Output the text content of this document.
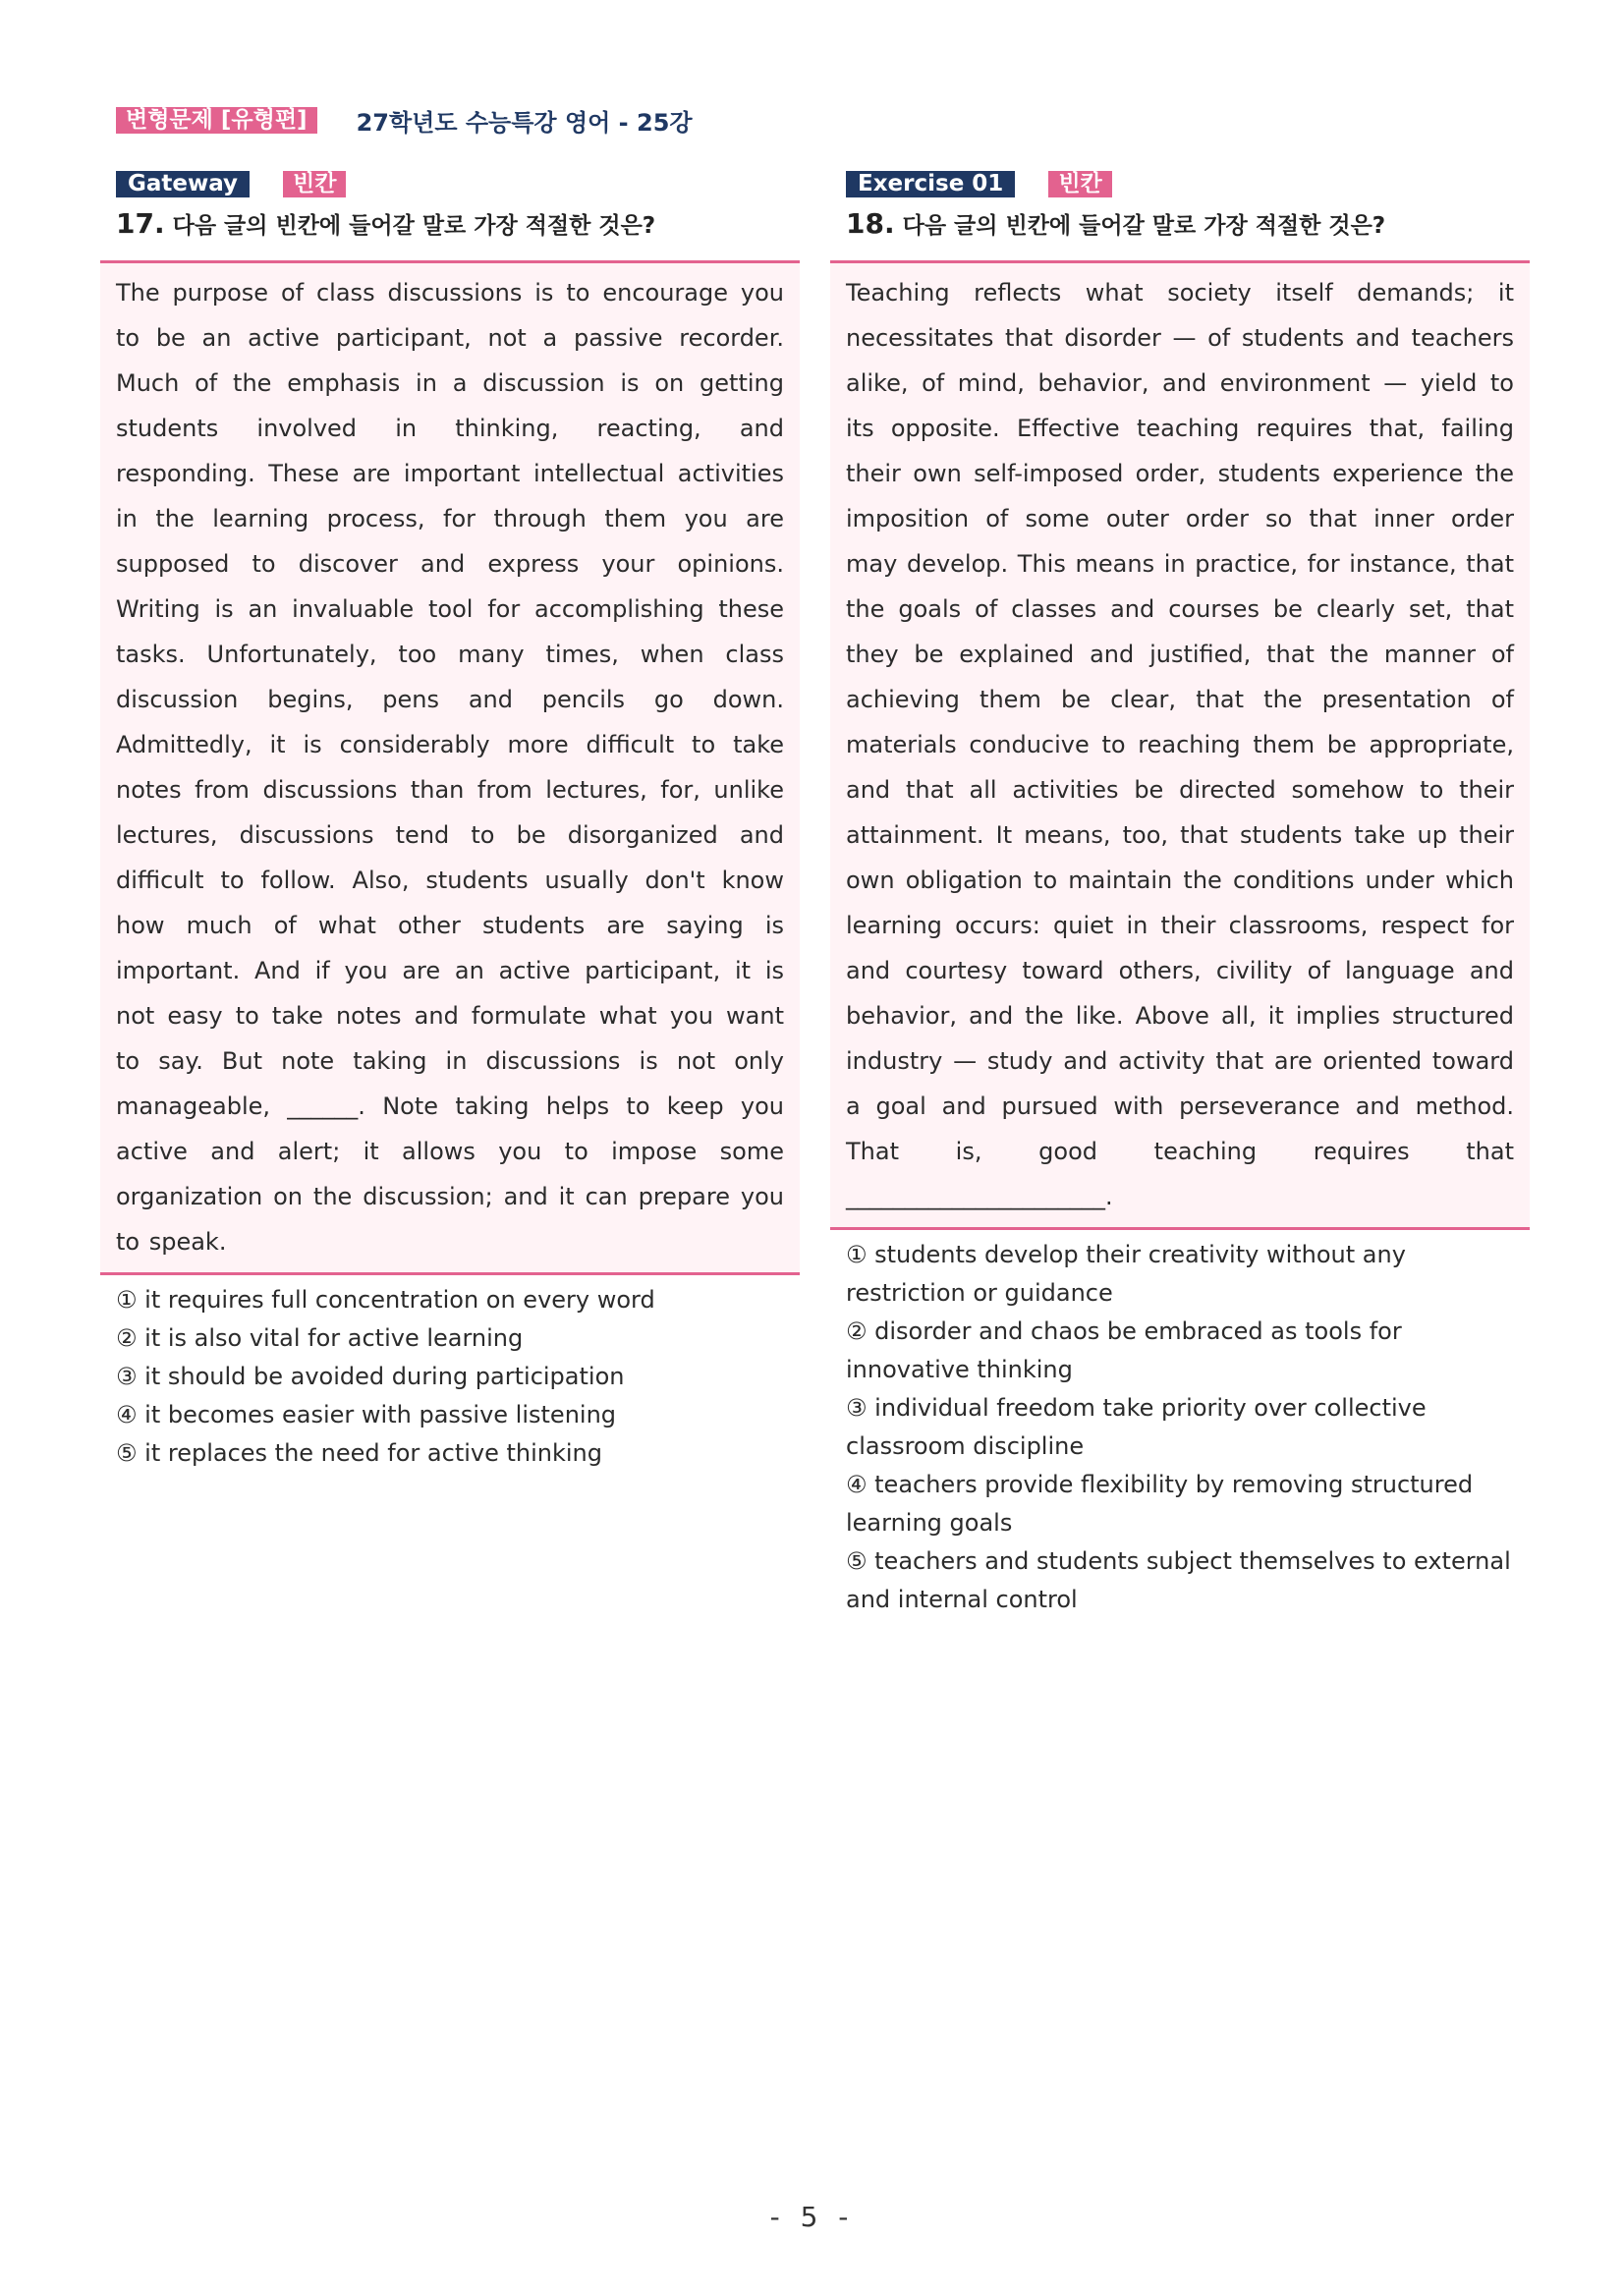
변형문제 [유형편]	27학년도 수능특강 영어 - 25강
Gateway	빈칸
17. 다음 글의 빈칸에 들어갈 말로 가장 적절한 것은?
The purpose of class discussions is to encourage you to be an active participant, not a passive recorder. Much of the emphasis in a discussion is on getting students involved in thinking, reacting, and responding. These are important intellectual activities in the learning process, for through them you are supposed to discover and express your opinions. Writing is an invaluable tool for accomplishing these tasks. Unfortunately, too many times, when class discussion begins, pens and pencils go down. Admittedly, it is considerably more difficult to take notes from discussions than from lectures, for, unlike lectures, discussions tend to be disorganized and difficult to follow. Also, students usually don't know how much of what other students are saying is important. And if you are an active participant, it is not easy to take notes and formulate what you want to say. But note taking in discussions is not only manageable, ______. Note taking helps to keep you active and alert; it allows you to impose some organization on the discussion; and it can prepare you to speak.
① it requires full concentration on every word
② it is also vital for active learning
③ it should be avoided during participation
④ it becomes easier with passive listening
⑤ it replaces the need for active thinking
Exercise 01	빈칸
18. 다음 글의 빈칸에 들어갈 말로 가장 적절한 것은?
Teaching reflects what society itself demands; it necessitates that disorder — of students and teachers alike, of mind, behavior, and environment — yield to its opposite. Effective teaching requires that, failing their own self-imposed order, students experience the imposition of some outer order so that inner order may develop. This means in practice, for instance, that the goals of classes and courses be clearly set, that they be explained and justified, that the manner of achieving them be clear, that the presentation of materials conducive to reaching them be appropriate, and that all activities be directed somehow to their attainment. It means, too, that students take up their own obligation to maintain the conditions under which learning occurs: quiet in their classrooms, respect for and courtesy toward others, civility of language and behavior, and the like. Above all, it implies structured industry — study and activity that are oriented toward a goal and pursued with perseverance and method. That is, good teaching requires that ______________________.
① students develop their creativity without any restriction or guidance
② disorder and chaos be embraced as tools for innovative thinking
③ individual freedom take priority over collective classroom discipline
④ teachers provide flexibility by removing structured learning goals
⑤ teachers and students subject themselves to external and internal control
- 5 -
